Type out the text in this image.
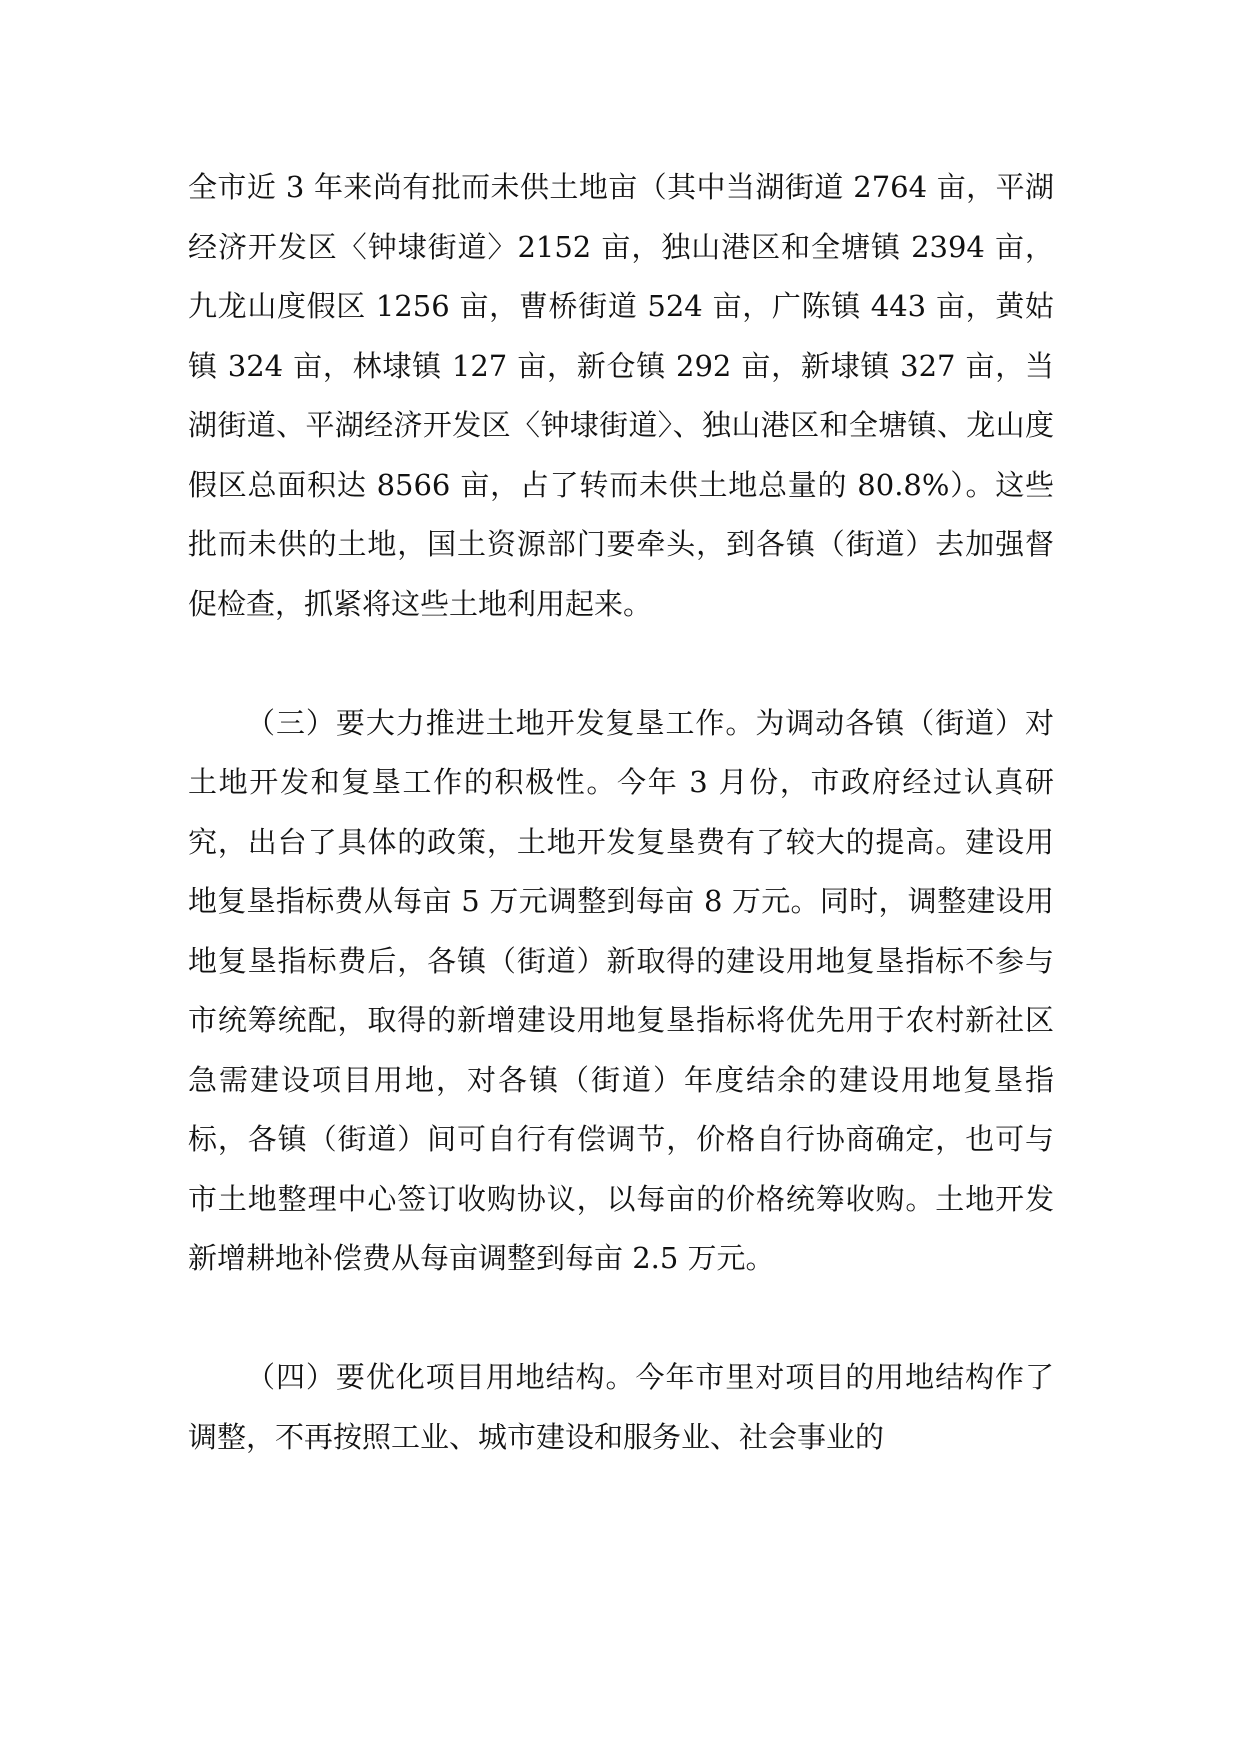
全市近 3 年来尚有批而未供土地亩（其中当湖街道 2764 亩，平湖经济开发区〈钟埭街道〉2152 亩，独山港区和全塘镇 2394 亩，九龙山度假区 1256 亩，曹桥街道 524 亩，广陈镇 443 亩，黄姑镇 324 亩，林埭镇 127 亩，新仓镇 292 亩，新埭镇 327 亩，当湖街道、平湖经济开发区〈钟埭街道〉、独山港区和全塘镇、龙山度假区总面积达 8566 亩，占了转而未供土地总量的 80.8%）。这些批而未供的土地，国土资源部门要牵头，到各镇（街道）去加强督促检查，抓紧将这些土地利用起来。

（三）要大力推进土地开发复垦工作。为调动各镇（街道）对土地开发和复垦工作的积极性。今年 3 月份，市政府经过认真研究，出台了具体的政策，土地开发复垦费有了较大的提高。建设用地复垦指标费从每亩 5 万元调整到每亩 8 万元。同时，调整建设用地复垦指标费后，各镇（街道）新取得的建设用地复垦指标不参与市统筹统配，取得的新增建设用地复垦指标将优先用于农村新社区急需建设项目用地，对各镇（街道）年度结余的建设用地复垦指标，各镇（街道）间可自行有偿调节，价格自行协商确定，也可与市土地整理中心签订收购协议，以每亩的价格统筹收购。土地开发新增耕地补偿费从每亩调整到每亩 2.5 万元。

（四）要优化项目用地结构。今年市里对项目的用地结构作了调整，不再按照工业、城市建设和服务业、社会事业的
